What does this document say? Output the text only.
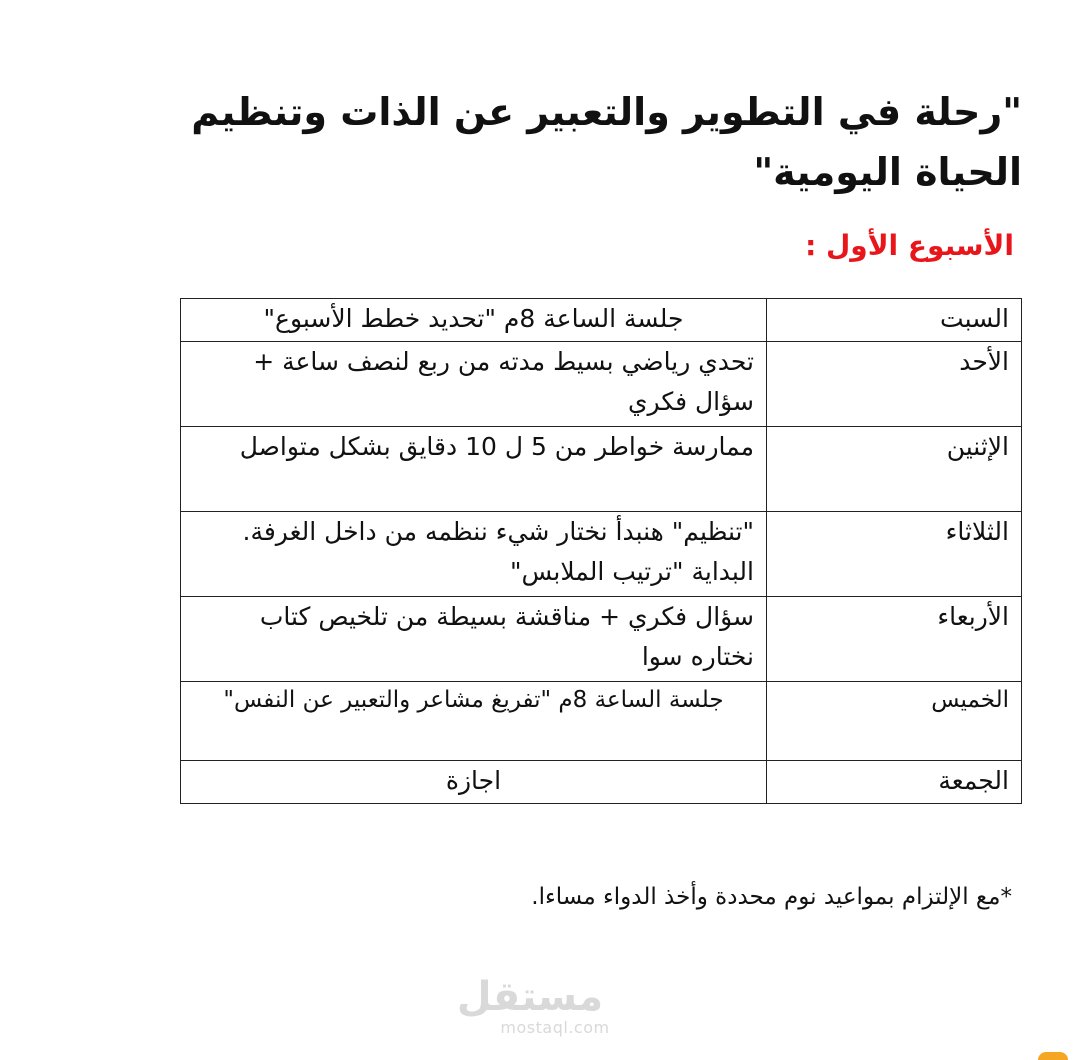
"رحلة في التطوير والتعبير عن الذات وتنظيم الحياة اليومية"
الأسبوع الأول :
السبت	جلسة الساعة 8م "تحديد خطط الأسبوع"
الأحد	تحدي رياضي بسيط مدته من ربع لنصف ساعة + سؤال فكري
الإثنين	ممارسة خواطر من 5 ل 10 دقايق بشكل متواصل
الثلاثاء	"تنظيم" هنبدأ نختار شيء ننظمه من داخل الغرفة. البداية "ترتيب الملابس"
الأربعاء	سؤال فكري + مناقشة بسيطة من تلخيص كتاب نختاره سوا
الخميس	جلسة الساعة 8م "تفريغ مشاعر والتعبير عن النفس"
الجمعة	اجازة

*مع الإلتزام بمواعيد نوم محددة وأخذ الدواء مساءا.

مستقل
mostaql.com
